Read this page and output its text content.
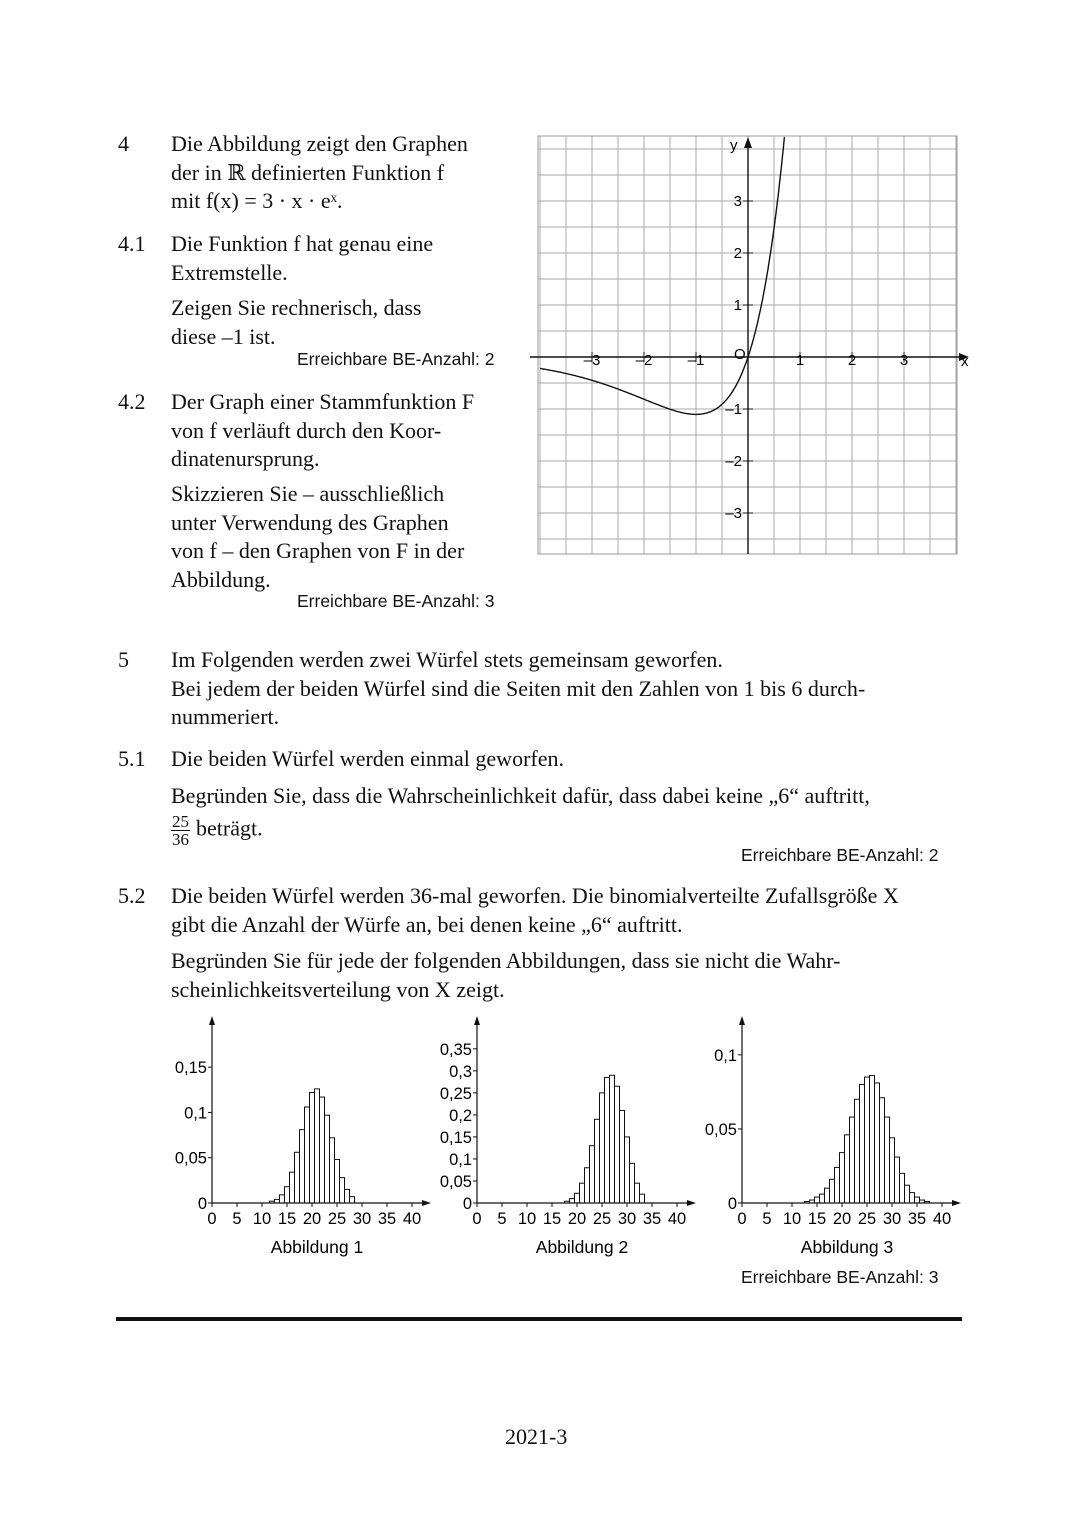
4 Die Abbildung zeigt den Graphen
der in ℝ definierten Funktion f
mit f(x) = 3 · x · eˣ.
4.1 Die Funktion f hat genau eine
Extremstelle.
Zeigen Sie rechnerisch, dass
diese –1 ist.
4.2 Der Graph einer Stammfunktion F
von f verläuft durch den Koor-
dinatenursprung.
Skizzieren Sie – ausschließlich
unter Verwendung des Graphen
von f – den Graphen von F in der
Abbildung.
Erreichbare BE-Anzahl: 2
Erreichbare BE-Anzahl: 3
–3 –2 –1	1	2	3
3
2
1
–1
–2
–3
x
y
O
5 Im Folgenden werden zwei Würfel stets gemeinsam geworfen.
Bei jedem der beiden Würfel sind die Seiten mit den Zahlen von 1 bis 6 durch-
nummeriert.
5.1 Die beiden Würfel werden einmal geworfen.
Begründen Sie, dass die Wahrscheinlichkeit dafür, dass dabei keine „6“ auftritt,
$\frac{25}{36}$ beträgt.
5.2 Die beiden Würfel werden 36-mal geworfen. Die binomialverteilte Zufallsgröße X
gibt die Anzahl der Würfe an, bei denen keine „6“ auftritt.
Begründen Sie für jede der folgenden Abbildungen, dass sie nicht die Wahr-
scheinlichkeitsverteilung von X zeigt.
Erreichbare BE-Anzahl: 2
0 5 10 15 20 25 30 35 40
0
0,05
0,1
0,15
Abbildung 1
0 5 10 15 20 25 30 35 40
0
0,05
0,1
0,15
0,2
0,25
0,3
0,35
Abbildung 2
0 5 10 15 20 25 30 35 40
0
0,05
0,1
Abbildung 3
Erreichbare BE-Anzahl: 3
2021-3
